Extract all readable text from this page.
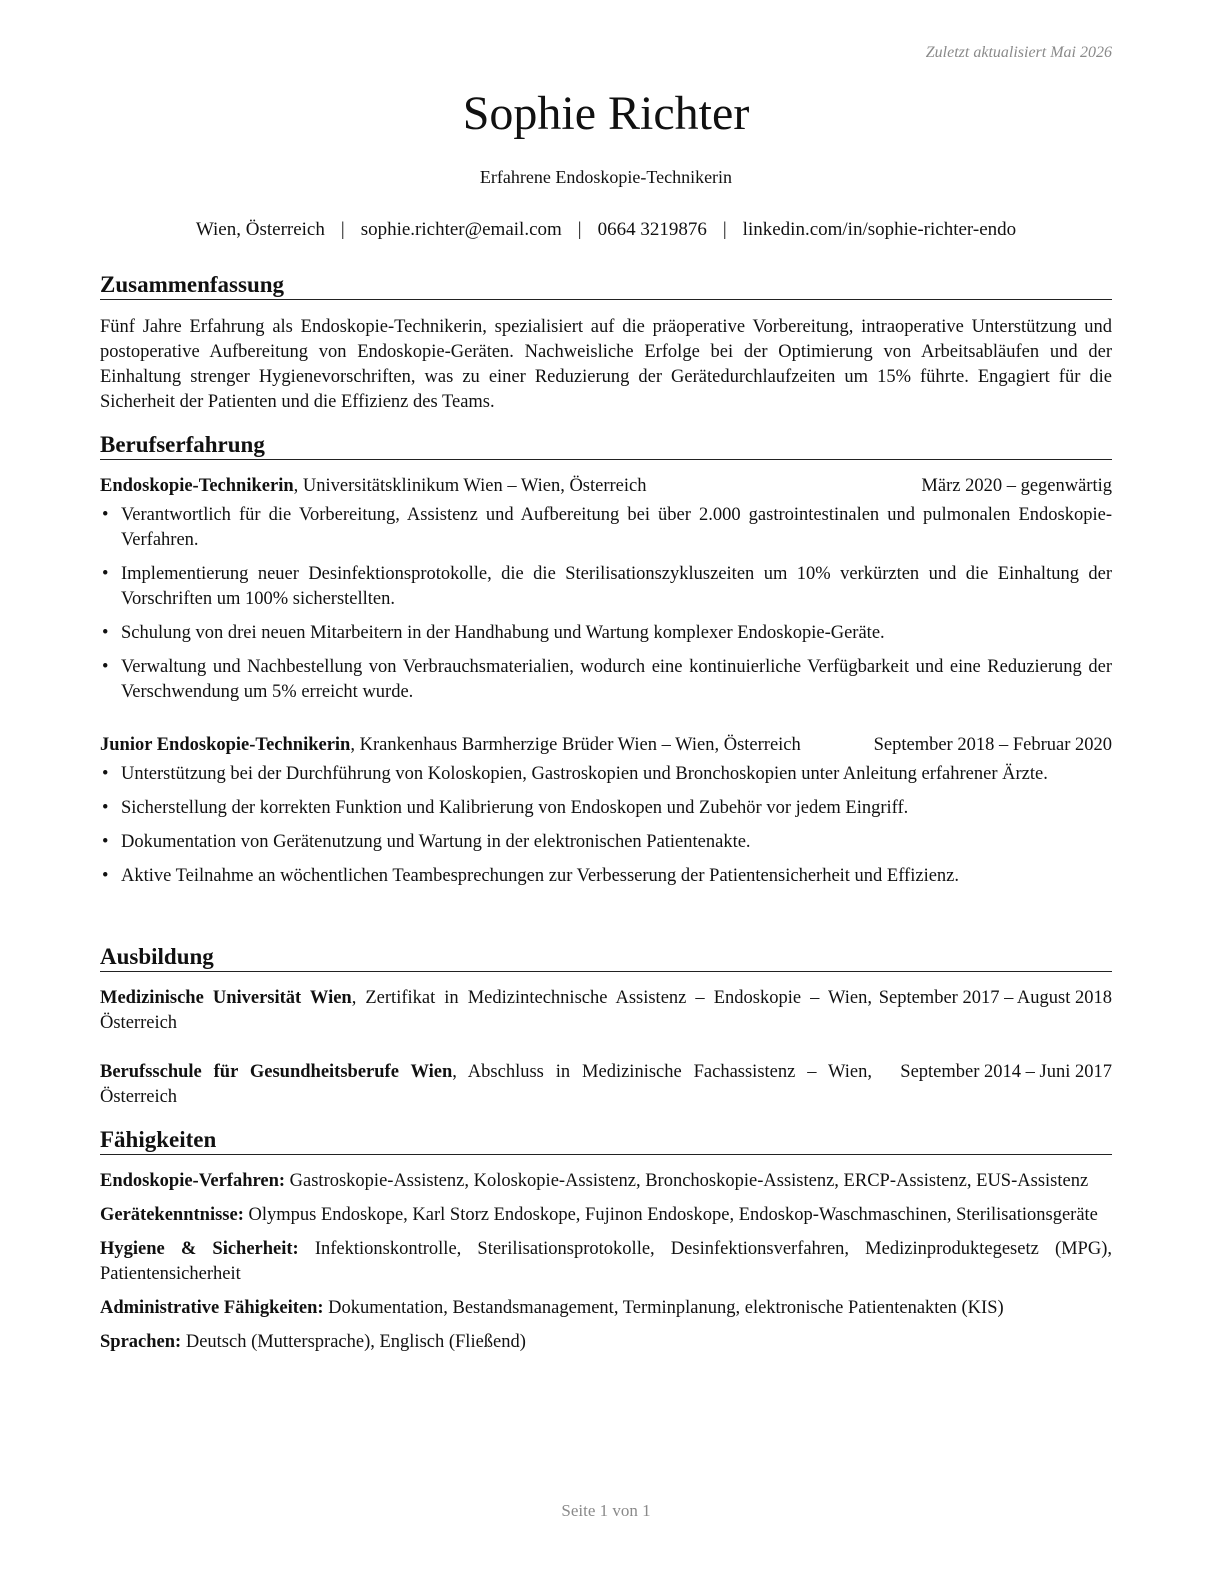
Zuletzt aktualisiert Mai 2026
Sophie Richter
Erfahrene Endoskopie-Technikerin
Wien, Österreich | sophie.richter@email.com | 0664 3219876 | linkedin.com/in/sophie-richter-endo
Zusammenfassung
Fünf Jahre Erfahrung als Endoskopie-Technikerin, spezialisiert auf die präoperative Vorbereitung, intraoperative Unterstützung und postoperative Aufbereitung von Endoskopie-Geräten. Nachweisliche Erfolge bei der Optimierung von Arbeitsabläufen und der Einhaltung strenger Hygienevorschriften, was zu einer Reduzierung der Gerätedurchlaufzeiten um 15% führte. Engagiert für die Sicherheit der Patienten und die Effizienz des Teams.
Berufserfahrung
Endoskopie-Technikerin, Universitätsklinikum Wien – Wien, Österreich	März 2020 – gegenwärtig
• Verantwortlich für die Vorbereitung, Assistenz und Aufbereitung bei über 2.000 gastrointestinalen und pulmonalen Endoskopie-Verfahren.
• Implementierung neuer Desinfektionsprotokolle, die die Sterilisationszykluszeiten um 10% verkürzten und die Einhaltung der Vorschriften um 100% sicherstellten.
• Schulung von drei neuen Mitarbeitern in der Handhabung und Wartung komplexer Endoskopie-Geräte.
• Verwaltung und Nachbestellung von Verbrauchsmaterialien, wodurch eine kontinuierliche Verfügbarkeit und eine Reduzierung der Verschwendung um 5% erreicht wurde.
Junior Endoskopie-Technikerin, Krankenhaus Barmherzige Brüder Wien – Wien, Österreich	September 2018 – Februar 2020
• Unterstützung bei der Durchführung von Koloskopien, Gastroskopien und Bronchoskopien unter Anleitung erfahrener Ärzte.
• Sicherstellung der korrekten Funktion und Kalibrierung von Endoskopen und Zubehör vor jedem Eingriff.
• Dokumentation von Gerätenutzung und Wartung in der elektronischen Patientenakte.
• Aktive Teilnahme an wöchentlichen Teambesprechungen zur Verbesserung der Patientensicherheit und Effizienz.
Ausbildung
Medizinische Universität Wien, Zertifikat in Medizintechnische Assistenz – Endoskopie – Wien, Österreich
September 2017 – August 2018
Berufsschule für Gesundheitsberufe Wien, Abschluss in Medizinische Fachassistenz – Wien, Österreich
September 2014 – Juni 2017
Fähigkeiten
Endoskopie-Verfahren: Gastroskopie-Assistenz, Koloskopie-Assistenz, Bronchoskopie-Assistenz, ERCP-Assistenz, EUS-Assistenz
Gerätekenntnisse: Olympus Endoskope, Karl Storz Endoskope, Fujinon Endoskope, Endoskop-Waschmaschinen, Sterilisationsgeräte
Hygiene & Sicherheit: Infektionskontrolle, Sterilisationsprotokolle, Desinfektionsverfahren, Medizinproduktegesetz (MPG), Patientensicherheit
Administrative Fähigkeiten: Dokumentation, Bestandsmanagement, Terminplanung, elektronische Patientenakten (KIS)
Sprachen: Deutsch (Muttersprache), Englisch (Fließend)
Seite 1 von 1
